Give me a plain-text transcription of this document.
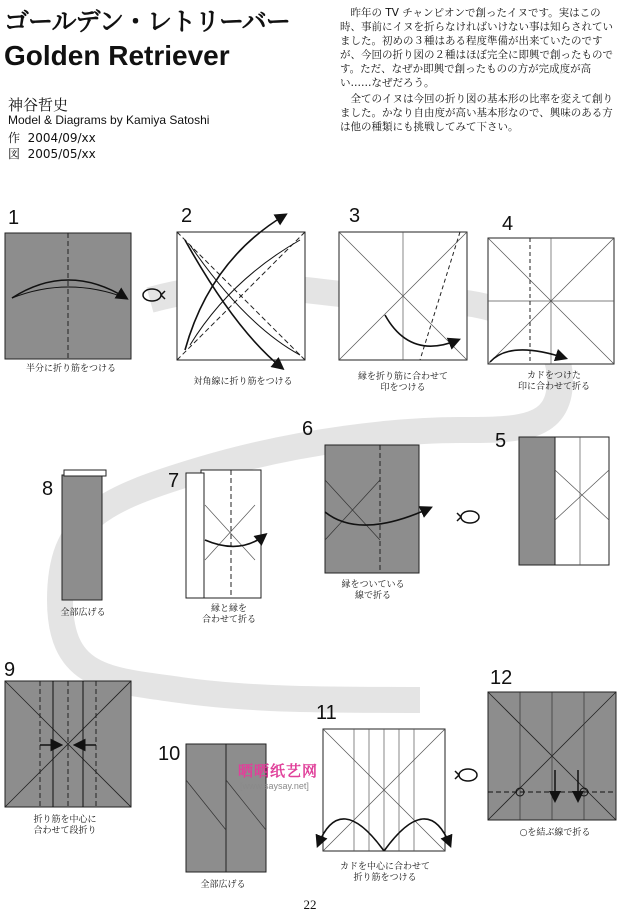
ゴールデン・レトリーバー
Golden Retriever
神谷哲史
Model & Diagrams by Kamiya Satoshi
作 2004/09/xx
図 2005/05/xx

昨年の TV チャンピオンで創ったイヌです。実はこの時、事前にイヌを折らなければいけない事は知らされていました。初めの３種はある程度準備が出来ていたのですが、今回の折り図の２種はほぼ完全に即興で創ったものです。ただ、なぜか即興で創ったものの方が完成度が高い……なぜだろう。

全てのイヌは今回の折り図の基本形の比率を変えて創りました。かなり自由度が高い基本形なので、興味のある方は他の種類にも挑戦してみて下さい。

1	2	3	4
5
6
7
8
9
10
11
12
半分に折り筋をつける
対角線に折り筋をつける	縁を折り筋に合わせて
印をつける
カドをつけた
印に合わせて折る
縁をついている
線で折る
縁と縁を
合わせて折る
全部広げる
折り筋を中心に
合わせて段折り
全部広げる
カドを中心に合わせて
折り筋をつける
○を結ぶ線で折る
晒晒纸艺网
[www.saysay.net]
22
